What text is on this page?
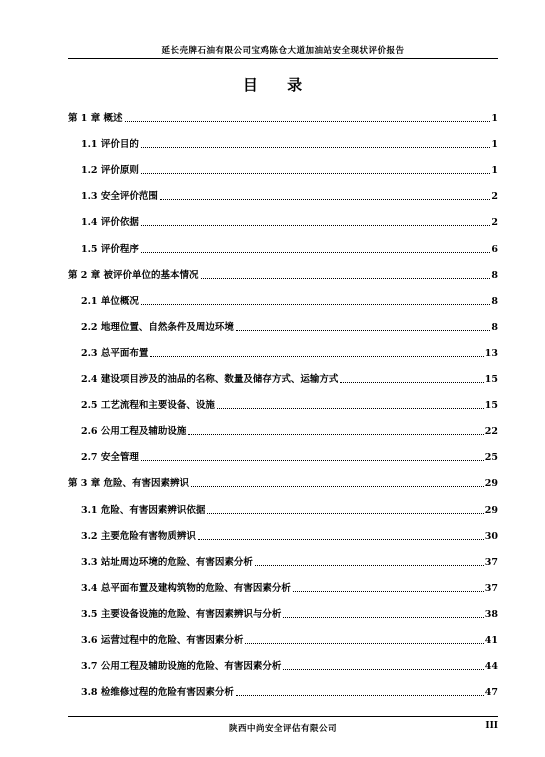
延长壳牌石油有限公司宝鸡陈仓大道加油站安全现状评价报告
目 录
第 1 章 概述	1
1.1 评价目的	1
1.2 评价原则	1
1.3 安全评价范围	2
1.4 评价依据	2
1.5 评价程序	6
第 2 章 被评价单位的基本情况	8
2.1 单位概况	8
2.2 地理位置、自然条件及周边环境	8
2.3 总平面布置	13
2.4 建设项目涉及的油品的名称、数量及储存方式、运输方式	15
2.5 工艺流程和主要设备、设施	15
2.6 公用工程及辅助设施	22
2.7 安全管理	25
第 3 章 危险、有害因素辨识	29
3.1 危险、有害因素辨识依据	29
3.2 主要危险有害物质辨识	30
3.3 站址周边环境的危险、有害因素分析	37
3.4 总平面布置及建构筑物的危险、有害因素分析	37
3.5 主要设备设施的危险、有害因素辨识与分析	38
3.6 运营过程中的危险、有害因素分析	41
3.7 公用工程及辅助设施的危险、有害因素分析	44
3.8 检维修过程的危险有害因素分析	47
陕西中尚安全评估有限公司	III
